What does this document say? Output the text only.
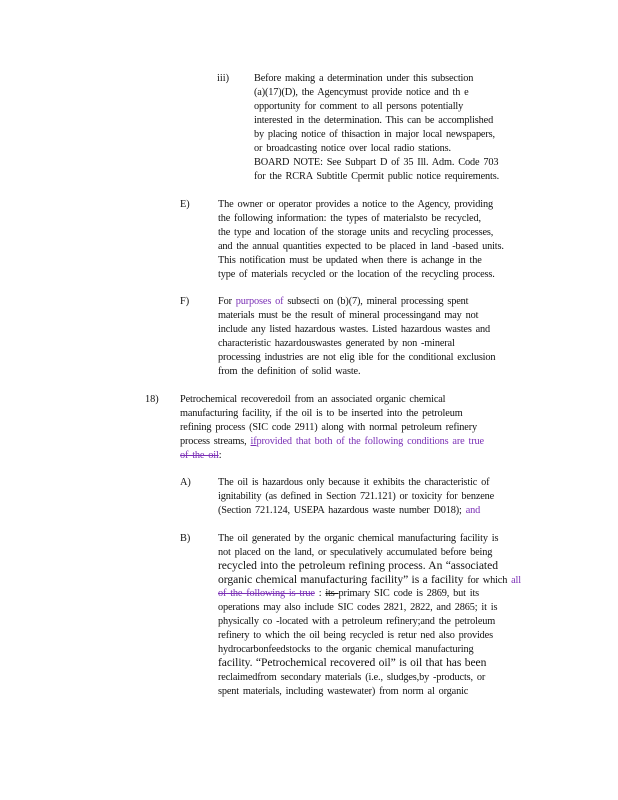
iii) Before making a determination under this subsection
(a)(17)(D), the Agencymust provide notice and th e
opportunity for comment to all persons potentially
interested in the determination. This can be accomplished
by placing notice of thisaction in major local newspapers,
or broadcasting notice over local radio stations.
BOARD NOTE: See Subpart D of 35 Ill. Adm. Code 703
for the RCRA Subtitle Cpermit public notice requirements.
E)	The owner or operator provides a notice to the Agency, providing
the following information: the types of materialsto be recycled,
the type and location of the storage units and recycling processes,
and the annual quantities expected to be placed in land -based units.
This notification must be updated when there is achange in the
type of materials recycled or the location of the recycling process.
F)	For purposes of subsecti on (b)(7), mineral processing spent
materials must be the result of mineral processingand may not
include any listed hazardous wastes. Listed hazardous wastes and
characteristic hazardouswastes generated by non -mineral
processing industries are not elig ible for the conditional exclusion
from the definition of solid waste.
18) Petrochemical recoveredoil from an associated organic chemical
manufacturing facility, if the oil is to be inserted into the petroleum
refining process (SIC code 2911) along with normal petroleum refinery
process streams, ifprovided that both of the following conditions are true
of the oil:
A)	The oil is hazardous only because it exhibits the characteristic of
ignitability (as defined in Section 721.121) or toxicity for benzene
(Section 721.124, USEPA hazardous waste number D018); and
B)	The oil generated by the organic chemical manufacturing facility is
not placed on the land, or speculatively accumulated before being
recycled into the petroleum refining process. An “associated
organic chemical manufacturing facility” is a facility for which all
of the following is true : its primary SIC code is 2869, but its
operations may also include SIC codes 2821, 2822, and 2865; it is
physically co -located with a petroleum refinery;and the petroleum
refinery to which the oil being recycled is retur ned also provides
hydrocarbonfeedstocks to the organic chemical manufacturing
facility. “Petrochemical recovered oil” is oil that has been
reclaimedfrom secondary materials (i.e., sludges,by -products, or
spent materials, including wastewater) from norm al organic
